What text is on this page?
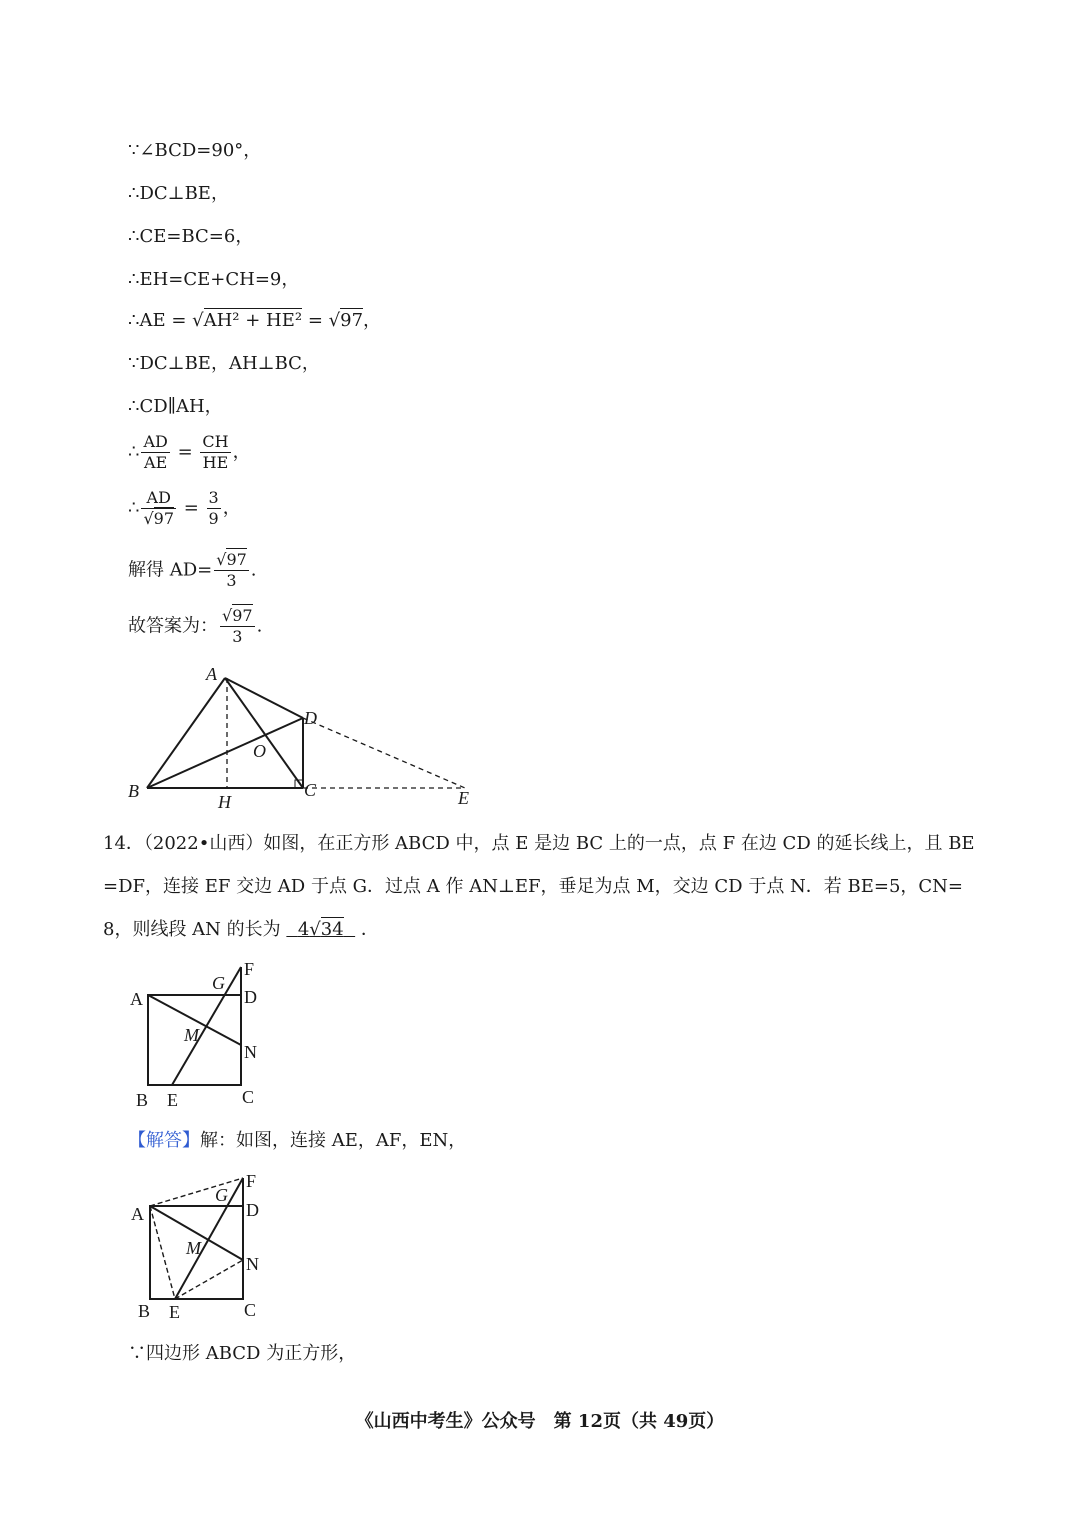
∵∠BCD=90°，
∴DC⊥BE，
∴CE=BC=6，
∴EH=CE+CH=9，
∴AE = √AH² + HE² = √97，
∵DC⊥BE，AH⊥BC，
∴CD∥AH，
∴ $\frac{AD}{AE} = \frac{CH}{HE}$ ，
∴ $\frac{AD}{√97} = \frac{3}{9}$ ，
解得 $AD= \frac{√97}{3}$ .
故答案为： $\frac{√97}{3}$ .
A
B	C
D
E
H
O
14．（2022•山西）如图，在正方形 ABCD 中，点 E 是边 BC 上的一点，点 F 在边 CD 的延长线上，且 BE
=DF，连接 EF 交边 AD 于点 G．过点 A 作 AN⊥EF，垂足为点 M，交边 CD 于点 N．若 BE=5，CN=
8，则线段 AN 的长为   4√34   ．
A
B	C
D
E
F
G
M
N
【解答】解：如图，连接 AE，AF，EN，
A
B	C
D
E
F
G
M
N
∵四边形 ABCD 为正方形，
《山西中考生》公众号　第 12页（共 49页）
